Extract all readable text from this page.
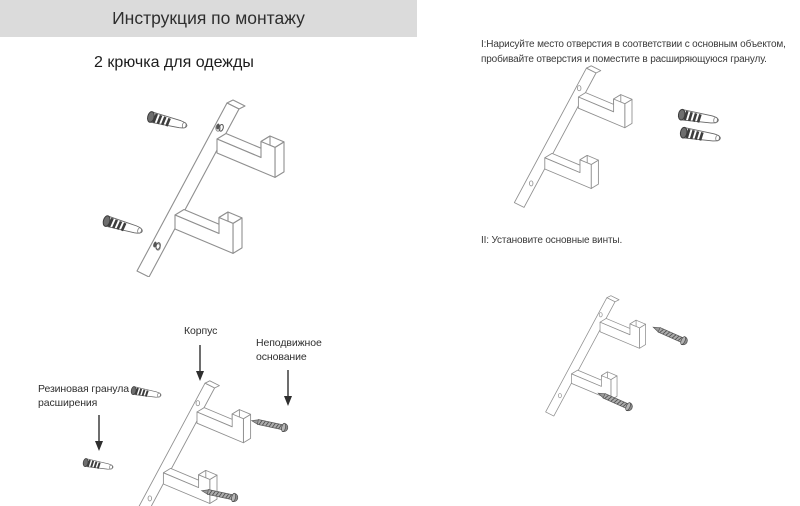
Инструкция по монтажу
2 крючка для одежды
I:Нарисуйте место отверстия в соответствии с основным объектом,
пробивайте отверстия и поместите в расширяющуюся гранулу.
II: Установите основные винты.
Корпус
Неподвижное основание
Резиновая гранула расширения
